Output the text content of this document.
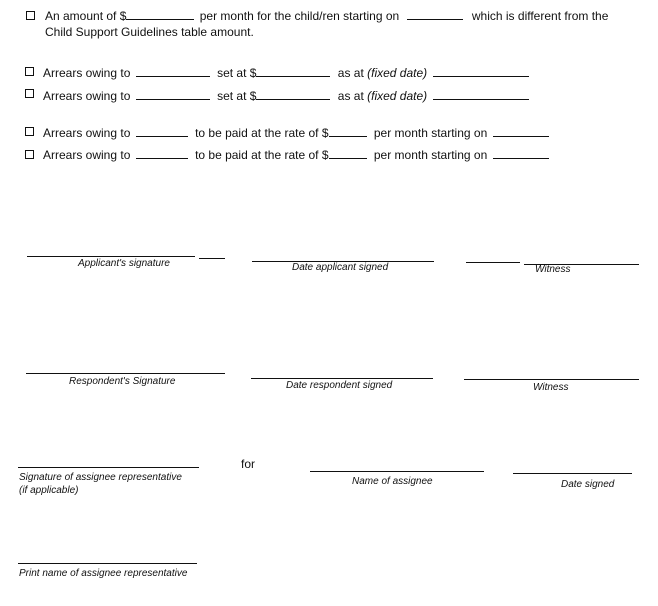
An amount of $	per month for the child/ren starting on	which is different from the
Child Support Guidelines table amount.
Arrears owing to	set at $	as at (fixed date)
Arrears owing to	set at $	as at (fixed date)
Arrears owing to	to be paid at the rate of $	per month starting on
Arrears owing to	to be paid at the rate of $	per month starting on
Applicant's signature	Date applicant signed	Witness
Respondent's Signature	Date respondent signed	Witness
Signature of assignee representative
(if applicable)
for
Name of assignee	Date signed
Print name of assignee representative
